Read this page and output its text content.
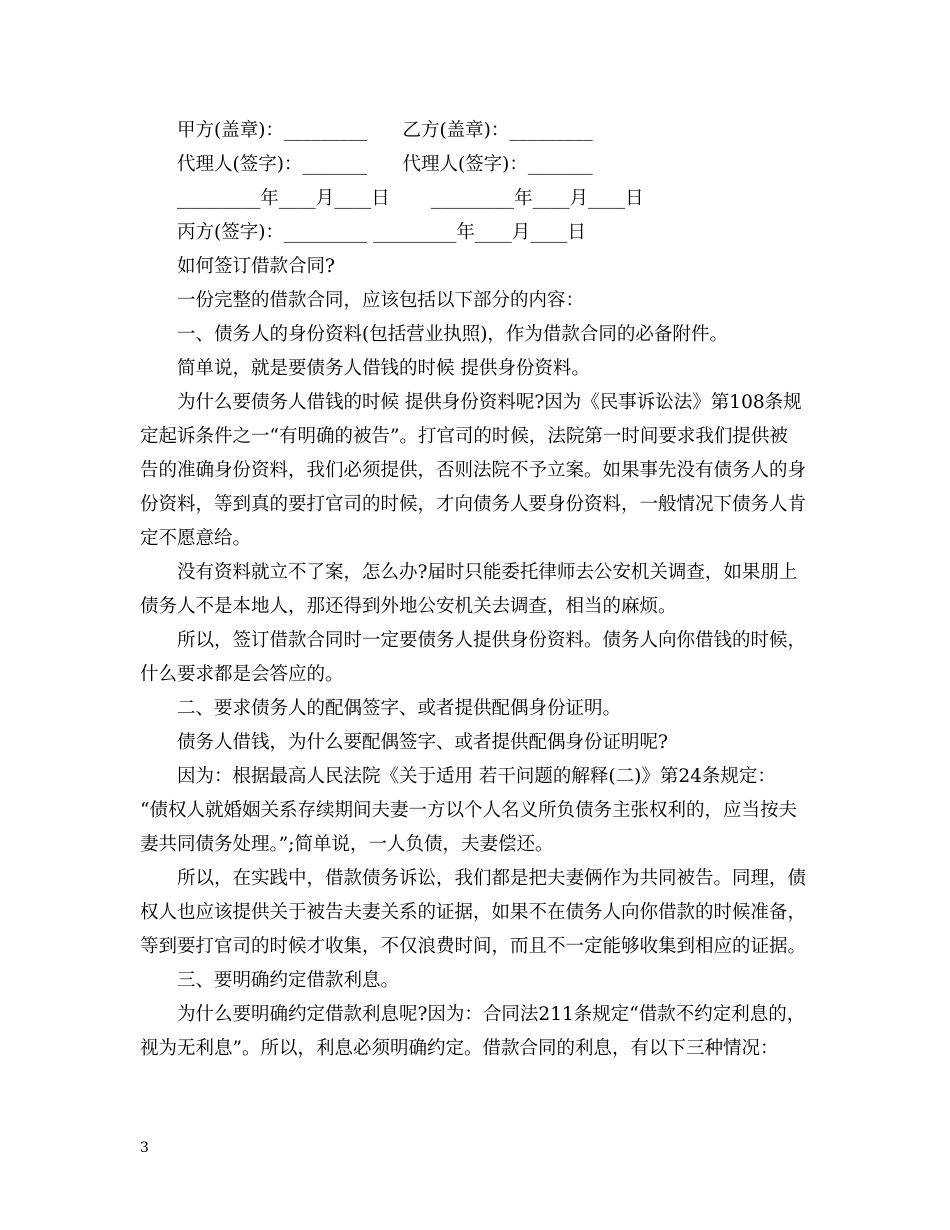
甲方(盖章)：_________      乙方(盖章)：_________
代理人(签字)：_______      代理人(签字)：_______
_________年____月____日       _________年____月____日
丙方(签字)：_________ _________年____月____日
如何签订借款合同?
一份完整的借款合同，应该包括以下部分的内容：
一、债务人的身份资料(包括营业执照)，作为借款合同的必备附件。
简单说，就是要债务人借钱的时候 提供身份资料。
为什么要债务人借钱的时候 提供身份资料呢?因为《民事诉讼法》第108条规
定起诉条件之一“有明确的被告”。打官司的时候，法院第一时间要求我们提供被
告的准确身份资料，我们必须提供，否则法院不予立案。如果事先没有债务人的身
份资料，等到真的要打官司的时候，才向债务人要身份资料，一般情况下债务人肯
定不愿意给。
没有资料就立不了案，怎么办?届时只能委托律师去公安机关调查，如果朋上
债务人不是本地人，那还得到外地公安机关去调查，相当的麻烦。
所以，签订借款合同时一定要债务人提供身份资料。债务人向你借钱的时候，
什么要求都是会答应的。
二、要求债务人的配偶签字、或者提供配偶身份证明。
债务人借钱，为什么要配偶签字、或者提供配偶身份证明呢?
因为：根据最高人民法院《关于适用 若干问题的解释(二)》第24条规定：
“债权人就婚姻关系存续期间夫妻一方以个人名义所负债务主张权利的，应当按夫
妻共同债务处理。”;简单说，一人负债，夫妻偿还。
所以，在实践中，借款债务诉讼，我们都是把夫妻俩作为共同被告。同理，债
权人也应该提供关于被告夫妻关系的证据，如果不在债务人向你借款的时候准备，
等到要打官司的时候才收集，不仅浪费时间，而且不一定能够收集到相应的证据。
三、要明确约定借款利息。
为什么要明确约定借款利息呢?因为：合同法211条规定“借款不约定利息的，
视为无利息”。所以，利息必须明确约定。借款合同的利息，有以下三种情况：
3
